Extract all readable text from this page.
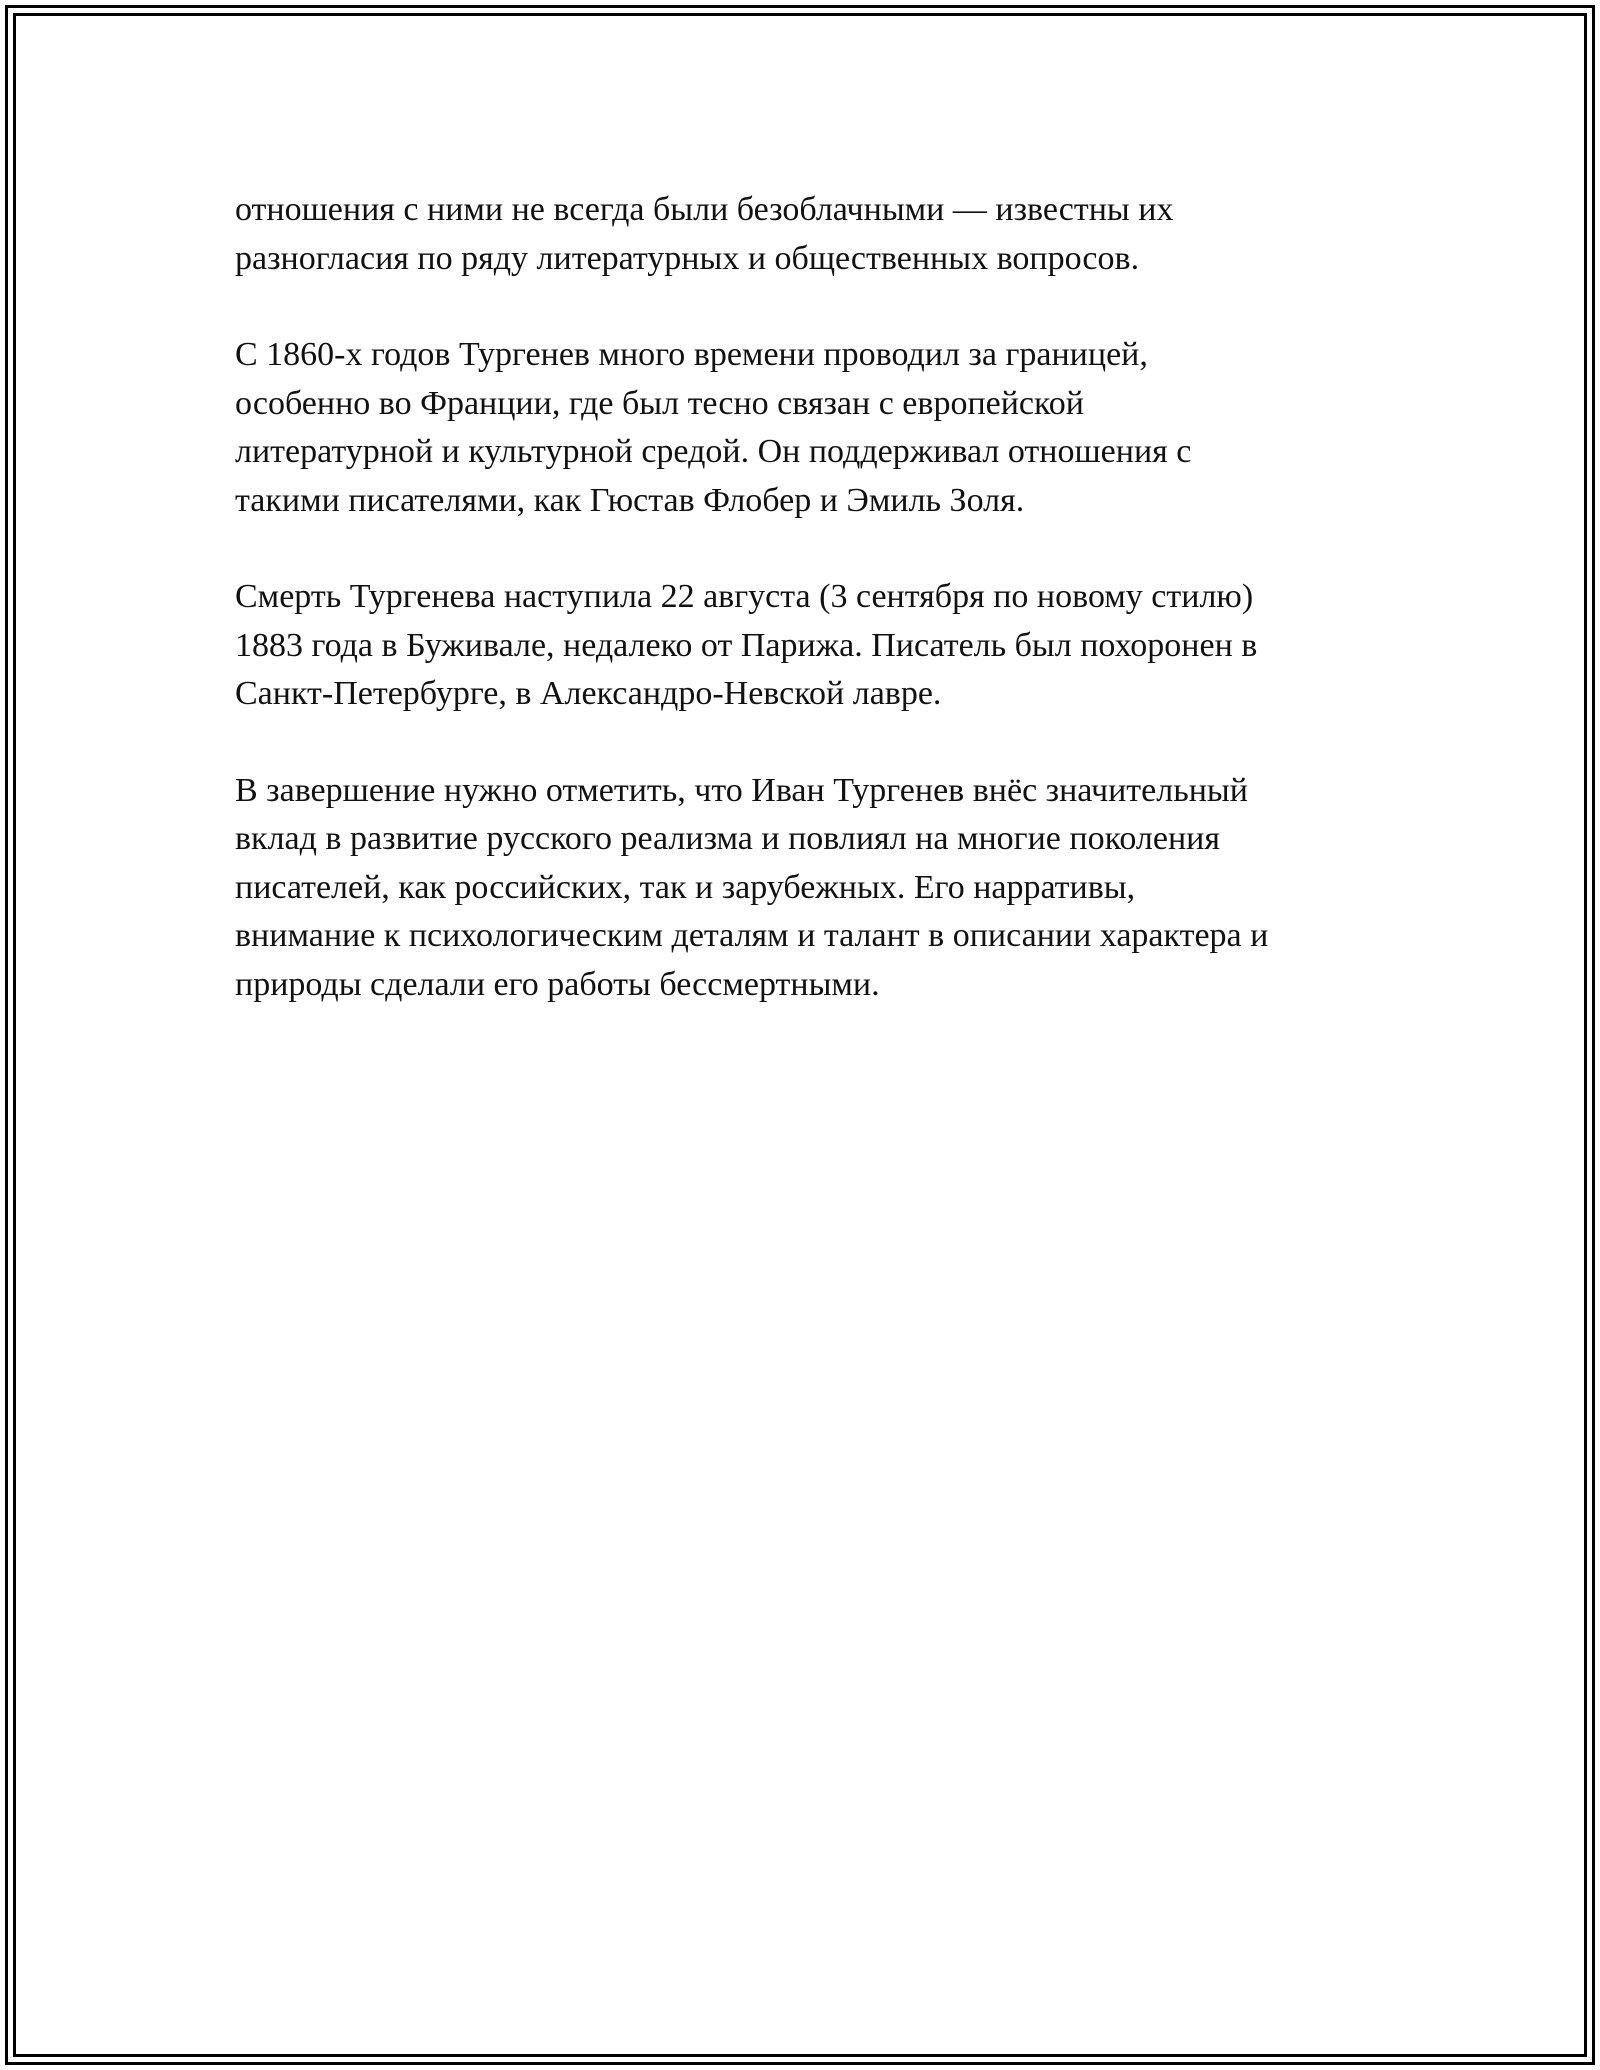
отношения с ними не всегда были безоблачными — известны их
разногласия по ряду литературных и общественных вопросов.

С 1860-х годов Тургенев много времени проводил за границей,
особенно во Франции, где был тесно связан с европейской
литературной и культурной средой. Он поддерживал отношения с
такими писателями, как Гюстав Флобер и Эмиль Золя.

Смерть Тургенева наступила 22 августа (3 сентября по новому стилю)
1883 года в Буживале, недалеко от Парижа. Писатель был похоронен в
Санкт-Петербурге, в Александро-Невской лавре.

В завершение нужно отметить, что Иван Тургенев внёс значительный
вклад в развитие русского реализма и повлиял на многие поколения
писателей, как российских, так и зарубежных. Его нарративы,
внимание к психологическим деталям и талант в описании характера и
природы сделали его работы бессмертными.
